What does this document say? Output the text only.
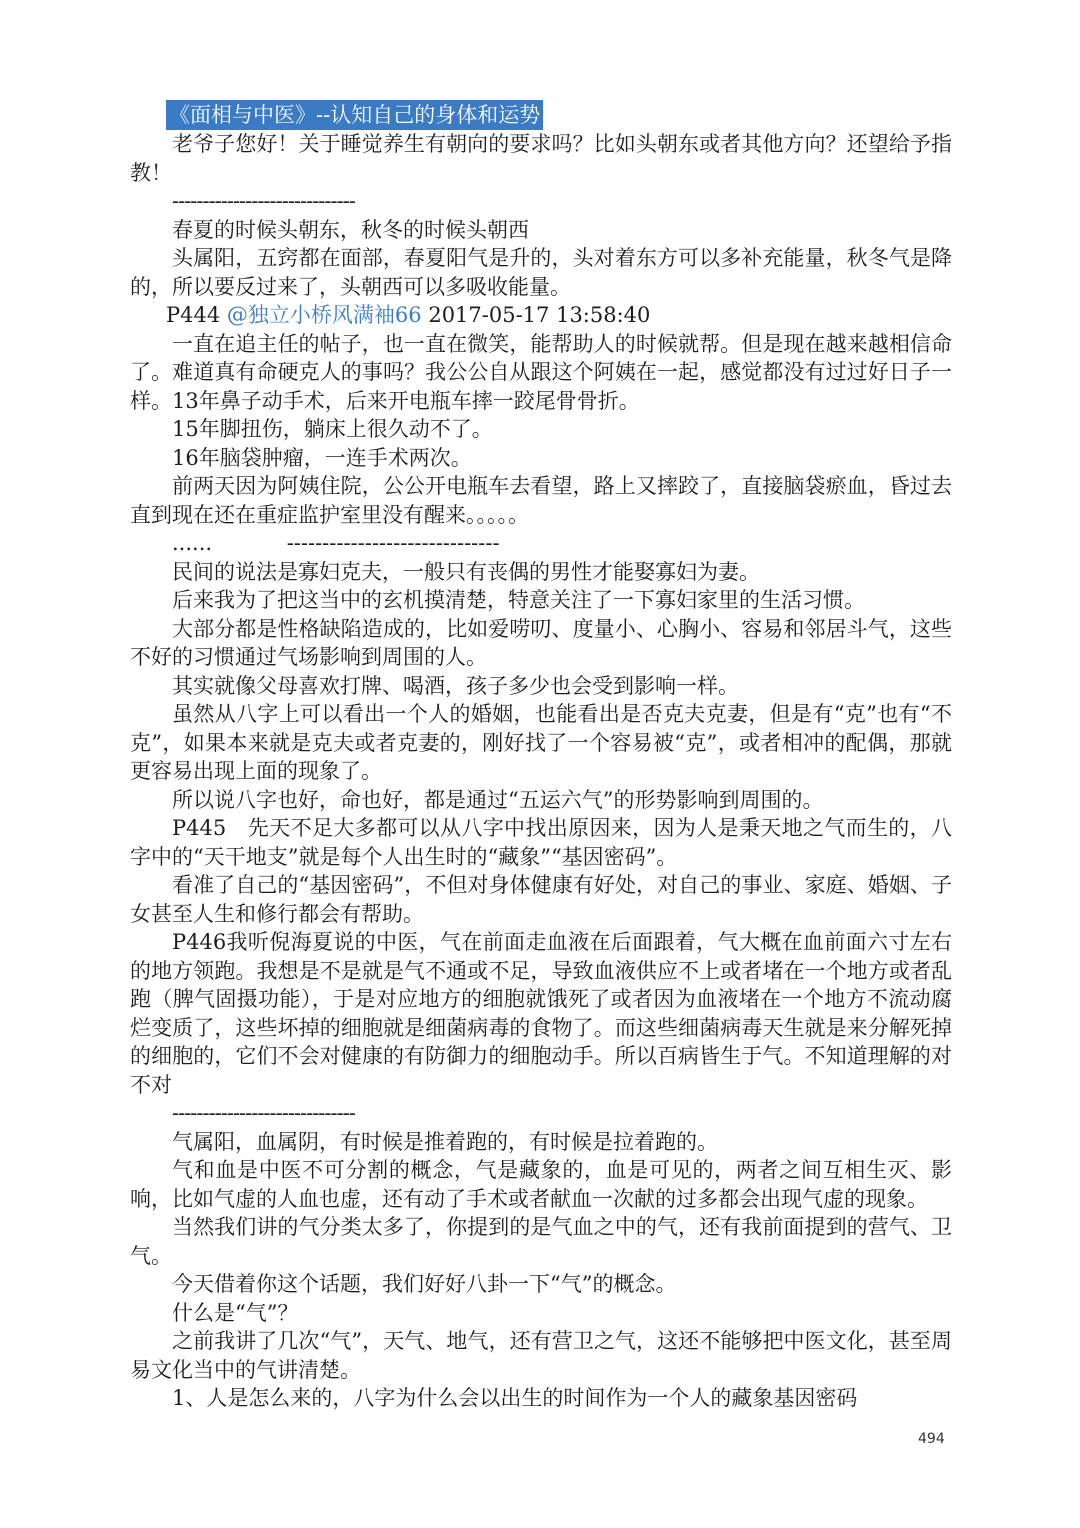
《面相与中医》--认知自己的身体和运势

老爷子您好！关于睡觉养生有朝向的要求吗？比如头朝东或者其他方向？还望给予指教！

------------------------------

春夏的时候头朝东，秋冬的时候头朝西

头属阳，五窍都在面部，春夏阳气是升的，头对着东方可以多补充能量，秋冬气是降的，所以要反过来了，头朝西可以多吸收能量。

P444 @独立小桥风满袖66 2017-05-17 13:58:40

一直在追主任的帖子，也一直在微笑，能帮助人的时候就帮。但是现在越来越相信命了。难道真有命硬克人的事吗？我公公自从跟这个阿姨在一起，感觉都没有过过好日子一样。13年鼻子动手术，后来开电瓶车摔一跤尾骨骨折。

15年脚扭伤，躺床上很久动不了。

16年脑袋肿瘤，一连手术两次。

前两天因为阿姨住院，公公开电瓶车去看望，路上又摔跤了，直接脑袋瘀血，昏过去直到现在还在重症监护室里没有醒来。。。。。

......	------------------------------

民间的说法是寡妇克夫，一般只有丧偶的男性才能娶寡妇为妻。

后来我为了把这当中的玄机摸清楚，特意关注了一下寡妇家里的生活习惯。

大部分都是性格缺陷造成的，比如爱唠叨、度量小、心胸小、容易和邻居斗气，这些不好的习惯通过气场影响到周围的人。

其实就像父母喜欢打牌、喝酒，孩子多少也会受到影响一样。

虽然从八字上可以看出一个人的婚姻，也能看出是否克夫克妻，但是有“克”也有“不克”，如果本来就是克夫或者克妻的，刚好找了一个容易被“克”，或者相冲的配偶，那就更容易出现上面的现象了。

所以说八字也好，命也好，都是通过“五运六气”的形势影响到周围的。

P445　先天不足大多都可以从八字中找出原因来，因为人是秉天地之气而生的，八字中的“天干地支”就是每个人出生时的“藏象”“基因密码”。

看准了自己的“基因密码”，不但对身体健康有好处，对自己的事业、家庭、婚姻、子女甚至人生和修行都会有帮助。

P446我听倪海夏说的中医，气在前面走血液在后面跟着，气大概在血前面六寸左右的地方领跑。我想是不是就是气不通或不足，导致血液供应不上或者堵在一个地方或者乱跑（脾气固摄功能），于是对应地方的细胞就饿死了或者因为血液堵在一个地方不流动腐烂变质了，这些坏掉的细胞就是细菌病毒的食物了。而这些细菌病毒天生就是来分解死掉的细胞的，它们不会对健康的有防御力的细胞动手。所以百病皆生于气。不知道理解的对不对

------------------------------

气属阳，血属阴，有时候是推着跑的，有时候是拉着跑的。

气和血是中医不可分割的概念，气是藏象的，血是可见的，两者之间互相生灭、影响，比如气虚的人血也虚，还有动了手术或者献血一次献的过多都会出现气虚的现象。

当然我们讲的气分类太多了，你提到的是气血之中的气，还有我前面提到的营气、卫气。

今天借着你这个话题，我们好好八卦一下“气”的概念。

什么是“气”？

之前我讲了几次“气”，天气、地气，还有营卫之气，这还不能够把中医文化，甚至周易文化当中的气讲清楚。

1、人是怎么来的，八字为什么会以出生的时间作为一个人的藏象基因密码

494
